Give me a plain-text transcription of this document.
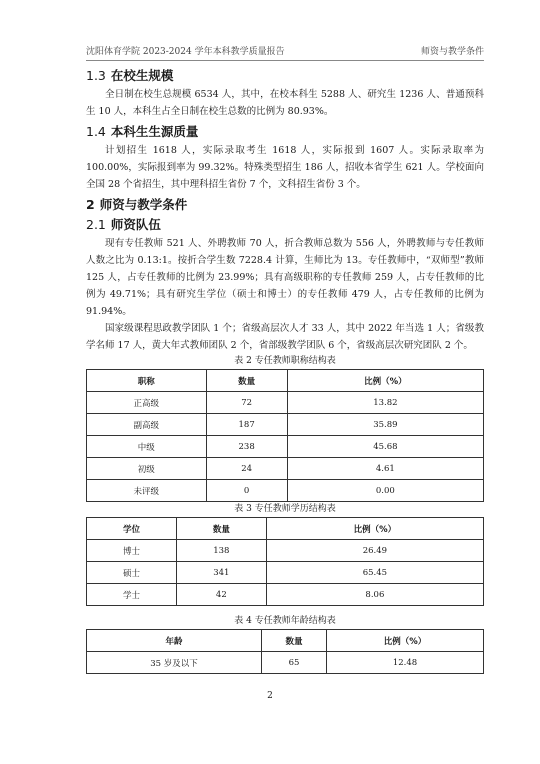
沈阳体育学院 2023-2024 学年本科教学质量报告	师资与教学条件
1.3 在校生规模

全日制在校生总规模 6534 人，其中，在校本科生 5288 人、研究生 1236 人、普通预科生 10 人，本科生占全日制在校生总数的比例为 80.93%。

1.4 本科生生源质量

计划招生 1618 人，实际录取考生 1618 人，实际报到 1607 人。实际录取率为 100.00%，实际报到率为 99.32%。特殊类型招生 186 人，招收本省学生 621 人。学校面向全国 28 个省招生，其中理科招生省份 7 个，文科招生省份 3 个。

2 师资与教学条件
2.1 师资队伍

现有专任教师 521 人、外聘教师 70 人，折合教师总数为 556 人，外聘教师与专任教师人数之比为 0.13:1。按折合学生数 7228.4 计算，生师比为 13。专任教师中，“双师型”教师 125 人，占专任教师的比例为 23.99%；具有高级职称的专任教师 259 人，占专任教师的比例为 49.71%；具有研究生学位（硕士和博士）的专任教师 479 人，占专任教师的比例为 91.94%。

国家级课程思政教学团队 1 个；省级高层次人才 33 人，其中 2022 年当选 1 人；省级教学名师 17 人，黄大年式教师团队 2 个，省部级教学团队 6 个，省级高层次研究团队 2 个。

表 2 专任教师职称结构表
职称	数量	比例（%）
正高级	72	13.82
副高级	187	35.89
中级	238	45.68
初级	24	4.61
未评级	0	0.00
表 3 专任教师学历结构表
学位	数量	比例（%）
博士	138	26.49
硕士	341	65.45
学士	42	8.06
表 4 专任教师年龄结构表
年龄	数量	比例（%）
35 岁及以下	65	12.48
2
